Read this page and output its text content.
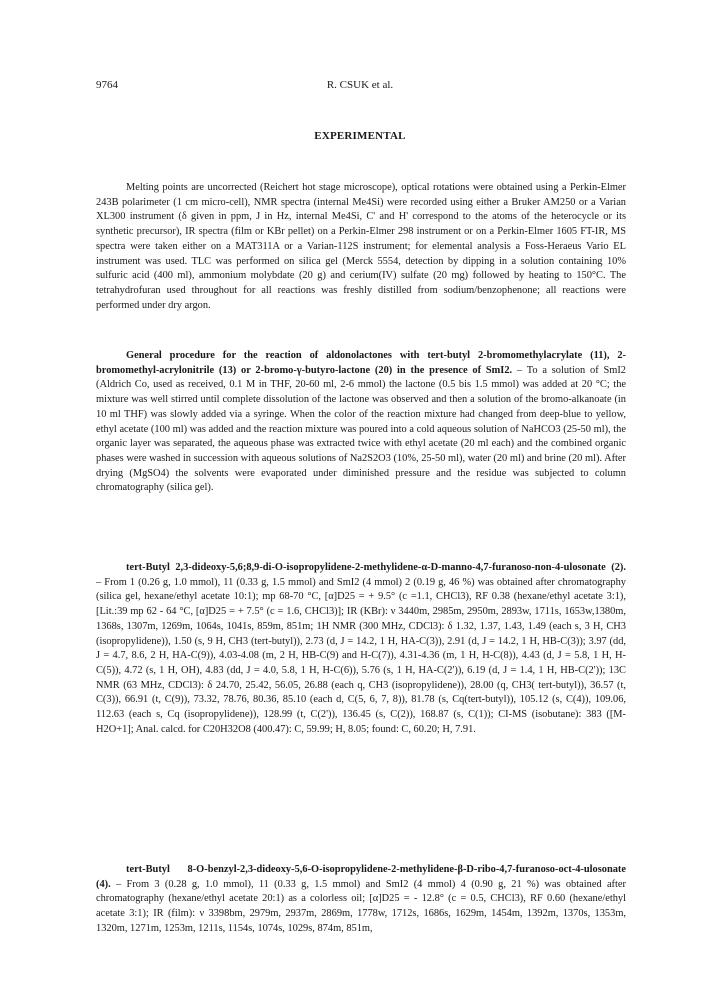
9764	R. CSUK et al.
EXPERIMENTAL

Melting points are uncorrected (Reichert hot stage microscope), optical rotations were obtained using a Perkin-Elmer 243B polarimeter (1 cm micro-cell), NMR spectra (internal Me4Si) were recorded using either a Bruker AM250 or a Varian XL300 instrument (δ given in ppm, J in Hz, internal Me4Si, C' and H' correspond to the atoms of the heterocycle or its synthetic precursor), IR spectra (film or KBr pellet) on a Perkin-Elmer 298 instrument or on a Perkin-Elmer 1605 FT-IR, MS spectra were taken either on a MAT311A or a Varian-112S instrument; for elemental analysis a Foss-Heraeus Vario EL instrument was used. TLC was performed on silica gel (Merck 5554, detection by dipping in a solution containing 10% sulfuric acid (400 ml), ammonium molybdate (20 g) and cerium(IV) sulfate (20 mg) followed by heating to 150°C. The tetrahydrofuran used throughout for all reactions was freshly distilled from sodium/benzophenone; all reactions were performed under dry argon.

General procedure for the reaction of aldonolactones with tert-butyl 2-bromomethylacrylate (11), 2-bromomethyl-acrylonitrile (13) or 2-bromo-γ-butyro-lactone (20) in the presence of SmI2. – To a solution of SmI2 (Aldrich Co, used as received, 0.1 M in THF, 20-60 ml, 2-6 mmol) the lactone (0.5 bis 1.5 mmol) was added at 20 °C; the mixture was well stirred until complete dissolution of the lactone was observed and then a solution of the bromo-alkanoate (in 10 ml THF) was slowly added via a syringe. When the color of the reaction mixture had changed from deep-blue to yellow, ethyl acetate (100 ml) was added and the reaction mixture was poured into a cold aqueous solution of NaHCO3 (25-50 ml), the organic layer was separated, the aqueous phase was extracted twice with ethyl acetate (20 ml each) and the combined organic phases were washed in succession with aqueous solutions of Na2S2O3 (10%, 25-50 ml), water (20 ml) and brine (20 ml). After drying (MgSO4) the solvents were evaporated under diminished pressure and the residue was subjected to column chromatography (silica gel).

tert-Butyl 2,3-dideoxy-5,6;8,9-di-O-isopropylidene-2-methylidene-α-D-manno-4,7-furanoso-non-4-ulosonate (2). – From 1 (0.26 g, 1.0 mmol), 11 (0.33 g, 1.5 mmol) and SmI2 (4 mmol) 2 (0.19 g, 46 %) was obtained after chromatography (silica gel, hexane/ethyl acetate 10:1); mp 68-70 °C, [α]D25 = + 9.5° (c =1.1, CHCl3), RF 0.38 (hexane/ethyl acetate 3:1), [Lit.:39 mp 62 - 64 °C, [α]D25 = + 7.5° (c = 1.6, CHCl3)]; IR (KBr): ν 3440m, 2985m, 2950m, 2893w, 1711s, 1653w,1380m, 1368s, 1307m, 1269m, 1064s, 1041s, 859m, 851m; 1H NMR (300 MHz, CDCl3): δ 1.32, 1.37, 1.43, 1.49 (each s, 3 H, CH3 (isopropylidene)), 1.50 (s, 9 H, CH3 (tert-butyl)), 2.73 (d, J = 14.2, 1 H, HA-C(3)), 2.91 (d, J = 14.2, 1 H, HB-C(3)); 3.97 (dd, J = 4.7, 8.6, 2 H, HA-C(9)), 4.03-4.08 (m, 2 H, HB-C(9) and H-C(7)), 4.31-4.36 (m, 1 H, H-C(8)), 4.43 (d, J = 5.8, 1 H, H-C(5)), 4.72 (s, 1 H, OH), 4.83 (dd, J = 4.0, 5.8, 1 H, H-C(6)), 5.76 (s, 1 H, HA-C(2')), 6.19 (d, J = 1.4, 1 H, HB-C(2')); 13C NMR (63 MHz, CDCl3): δ 24.70, 25.42, 56.05, 26.88 (each q, CH3 (isopropylidene)), 28.00 (q, CH3( tert-butyl)), 36.57 (t, C(3)), 66.91 (t, C(9)), 73.32, 78.76, 80.36, 85.10 (each d, C(5, 6, 7, 8)), 81.78 (s, Cq(tert-butyl)), 105.12 (s, C(4)), 109.06, 112.63 (each s, Cq (isopropylidene)), 128.99 (t, C(2')), 136.45 (s, C(2)), 168.87 (s, C(1)); CI-MS (isobutane): 383 ([M-H2O+1]; Anal. calcd. for C20H32O8 (400.47): C, 59.99; H, 8.05; found: C, 60.20; H, 7.91.

tert-Butyl 8-O-benzyl-2,3-dideoxy-5,6-O-isopropylidene-2-methylidene-β-D-ribo-4,7-furanoso-oct-4-ulosonate (4). – From 3 (0.28 g, 1.0 mmol), 11 (0.33 g, 1.5 mmol) and SmI2 (4 mmol) 4 (0.90 g, 21 %) was obtained after chromatography (hexane/ethyl acetate 20:1) as a colorless oil; [α]D25 = - 12.8° (c = 0.5, CHCl3), RF 0.60 (hexane/ethyl acetate 3:1); IR (film): ν 3398bm, 2979m, 2937m, 2869m, 1778w, 1712s, 1686s, 1629m, 1454m, 1392m, 1370s, 1353m, 1320m, 1271m, 1253m, 1211s, 1154s, 1074s, 1029s, 874m, 851m,
